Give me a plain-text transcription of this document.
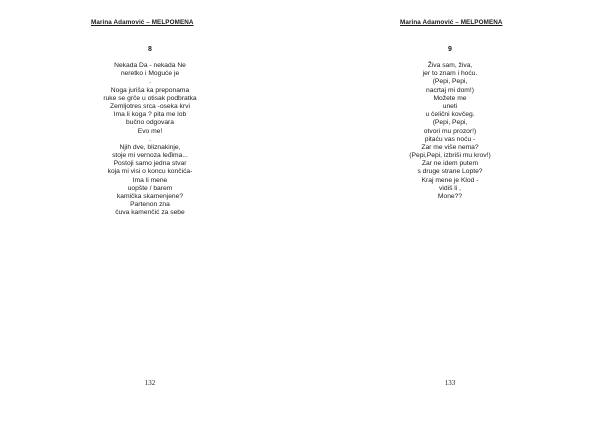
Marina Adamović – MELPOMENA
8
Nekada Da - nekada Ne
neretko i Moguće je
.
Noga juriša ka preponama
ruke se grče u otisak podbratka
Zemljotres srca -oseka krvi
Ima li koga ? pita me lob
bučno odgovara
Evo me!
.
Njih dve, bliznakinje,
stoje mi vernoza leđima...
Postoji samo jedna stvar
koja mi visi o koncu končića-
Ima li mene
uopšte / barem
kamička skamenjene?
Partenon zna
čuva kamenčić za sebe
132
Marina Adamović – MELPOMENA
9
Živa sam, živa,
jer to znam i hoću.
(Pepi, Pepi,
nacrtaj mi dom!)
Možete me
uneti
u čelični kovčeg.
(Pepi, Pepi,
otvori mu prozor!)
pitaću vas noću -
Zar me više nema?
(Pepi,Pepi, izbriši mu krov!)
Zar ne idem putem
s druge strane Lopte?
Kraj mene je Klod -
vidiš li ,
Mone??
133
